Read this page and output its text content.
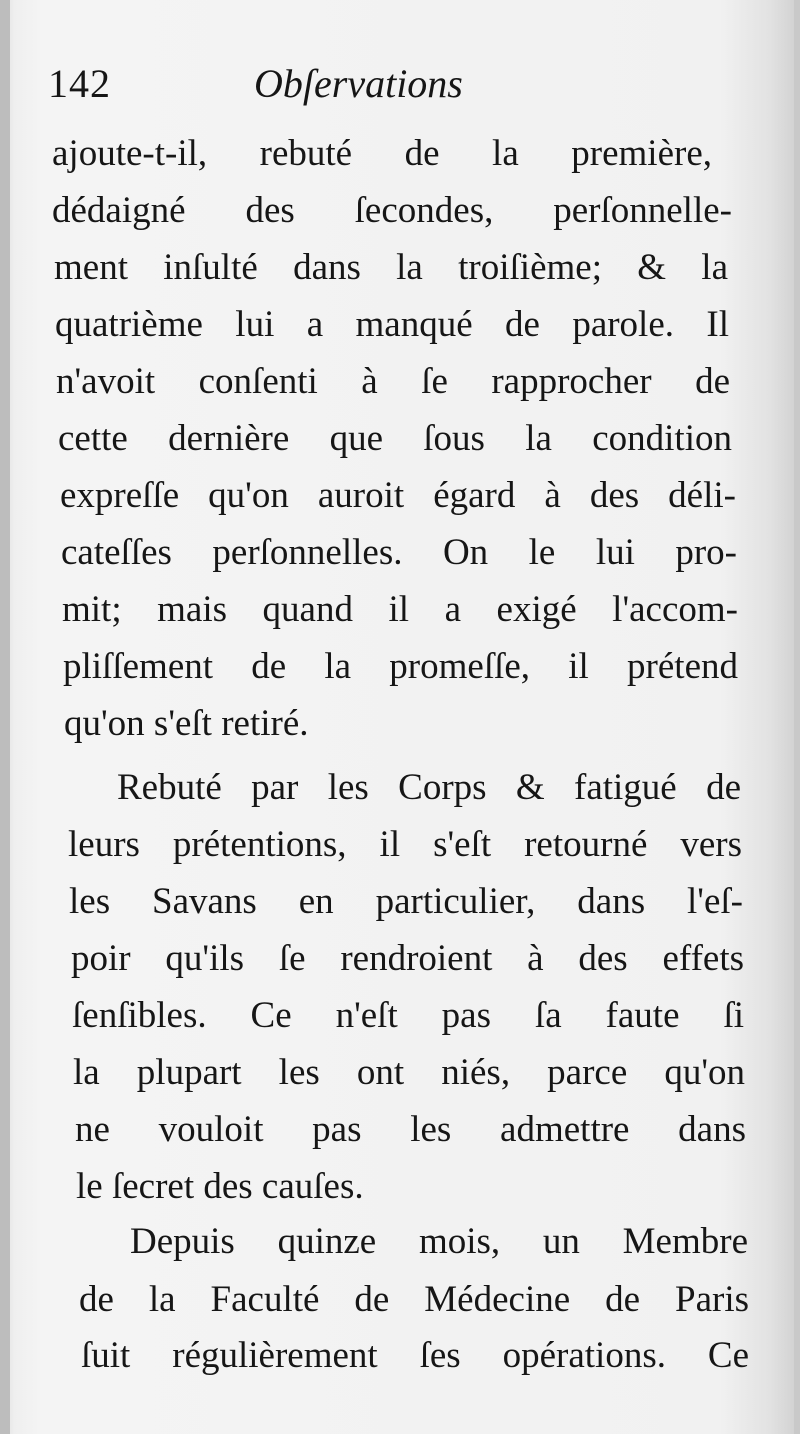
142	Obſervations
ajoute-t-il, rebuté de la première,
dédaigné des ſecondes, perſonnelle-
ment inſulté dans la troiſième; & la
quatrième lui a manqué de parole. Il
n'avoit conſenti à ſe rapprocher de
cette dernière que ſous la condition
expreſſe qu'on auroit égard à des déli-
cateſſes perſonnelles. On le lui pro-
mit; mais quand il a exigé l'accom-
pliſſement de la promeſſe, il prétend
qu'on s'eſt retiré.
Rebuté par les Corps & fatigué de
leurs prétentions, il s'eſt retourné vers
les Savans en particulier, dans l'eſ-
poir qu'ils ſe rendroient à des effets
ſenſibles. Ce n'eſt pas ſa faute ſi
la plupart les ont niés, parce qu'on
ne vouloit pas les admettre dans
le ſecret des cauſes.
Depuis quinze mois, un Membre
de la Faculté de Médecine de Paris
ſuit régulièrement ſes opérations. Ce
